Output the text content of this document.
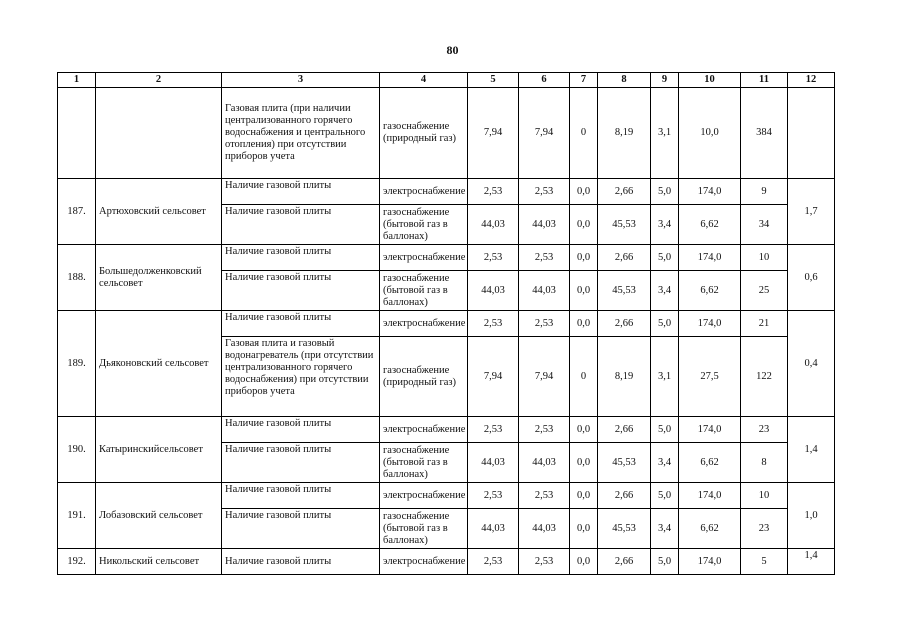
80
1	2	3	4	5	6	7	8	9	10	11	12
		Газовая плита (при наличии централизованного горячего водоснабжения и центрального отопления) при отсутствии приборов учета	газоснабжение (природный газ)	7,94	7,94	0	8,19	3,1	10,0	384	
187.	Артюховский сельсовет	Наличие газовой плиты	электроснабжение	2,53	2,53	0,0	2,66	5,0	174,0	9	1,7
		Наличие газовой плиты	газоснабжение (бытовой газ в баллонах)	44,03	44,03	0,0	45,53	3,4	6,62	34	
188.	Большедолженковский сельсовет	Наличие газовой плиты	электроснабжение	2,53	2,53	0,0	2,66	5,0	174,0	10	0,6
		Наличие газовой плиты	газоснабжение (бытовой газ в баллонах)	44,03	44,03	0,0	45,53	3,4	6,62	25	
189.	Дьяконовский сельсовет	Наличие газовой плиты	электроснабжение	2,53	2,53	0,0	2,66	5,0	174,0	21	0,4
		Газовая плита и газовый водонагреватель (при отсутствии централизованного горячего водоснабжения) при отсутствии приборов учета	газоснабжение (природный газ)	7,94	7,94	0	8,19	3,1	27,5	122	
190.	Катыринскийсельсовет	Наличие газовой плиты	электроснабжение	2,53	2,53	0,0	2,66	5,0	174,0	23	1,4
		Наличие газовой плиты	газоснабжение (бытовой газ в баллонах)	44,03	44,03	0,0	45,53	3,4	6,62	8	
191.	Лобазовский сельсовет	Наличие газовой плиты	электроснабжение	2,53	2,53	0,0	2,66	5,0	174,0	10	1,0
		Наличие газовой плиты	газоснабжение (бытовой газ в баллонах)	44,03	44,03	0,0	45,53	3,4	6,62	23	
192.	Никольский сельсовет	Наличие газовой плиты	электроснабжение	2,53	2,53	0,0	2,66	5,0	174,0	5	1,4
